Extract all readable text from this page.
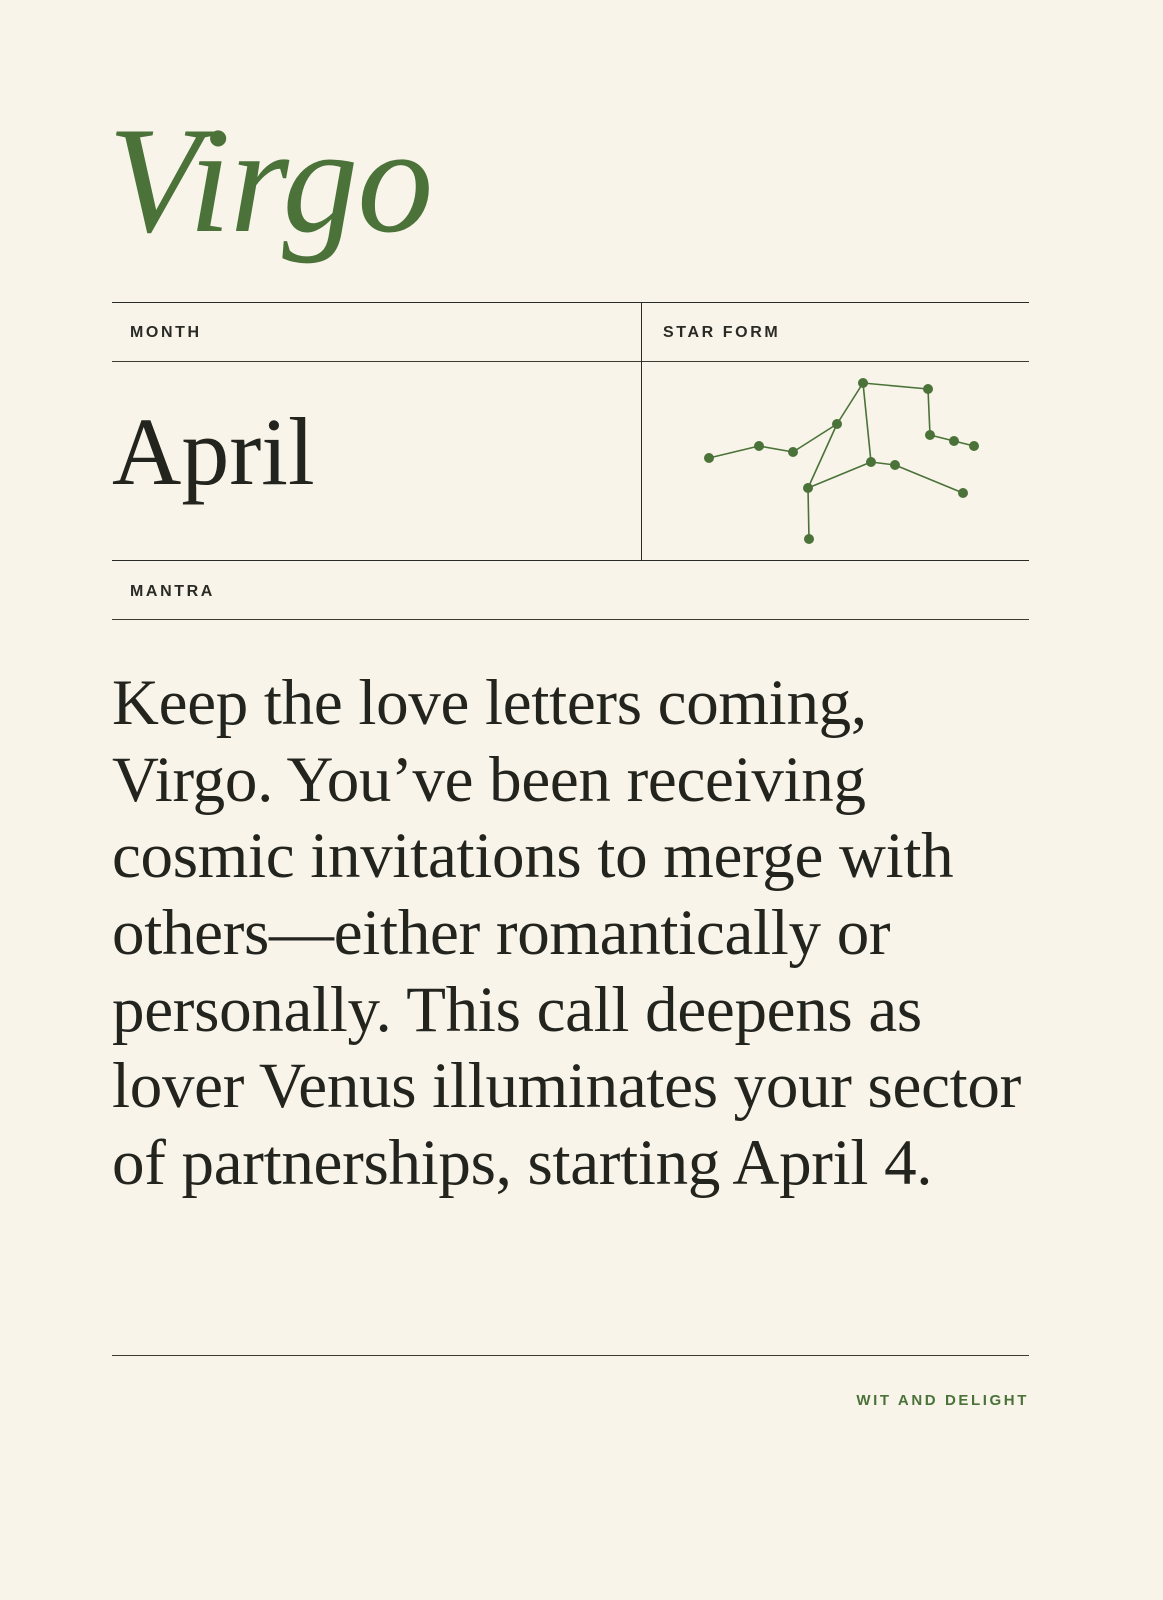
Virgo
MONTH	STAR FORM
MANTRA
April
Keep the love letters coming, Virgo. You’ve been receiving cosmic invitations to merge with others—either romantically or personally. This call deepens as lover Venus illuminates your sector of partnerships, starting April 4.
WIT AND DELIGHT
